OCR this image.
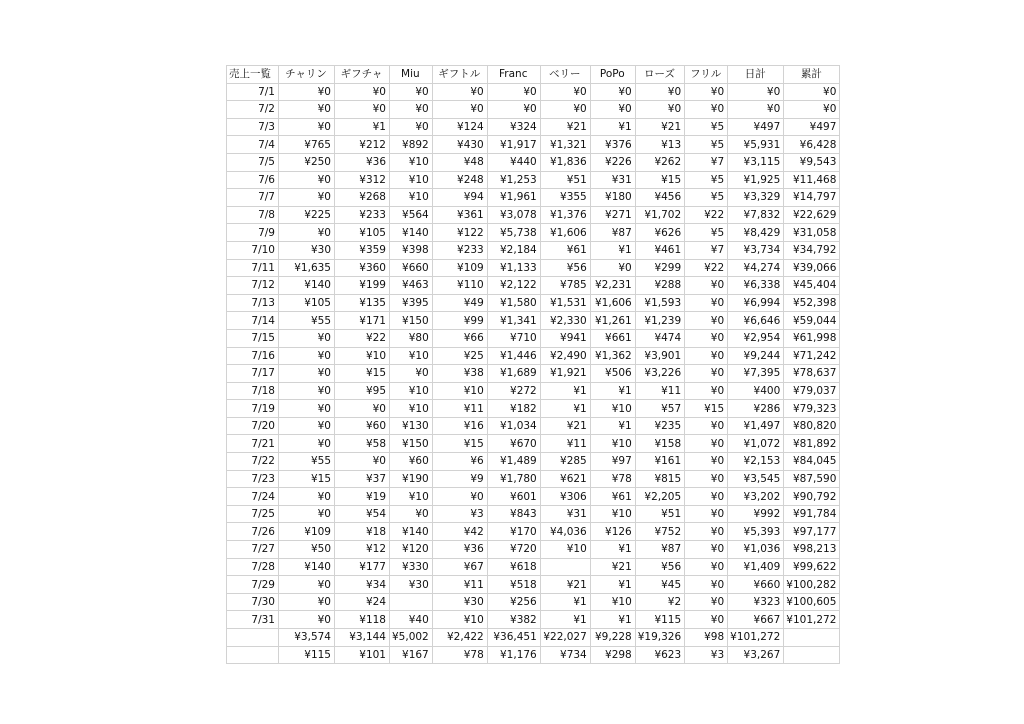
売上一覧	チャリン	ギフチャ	Miu	ギフトル	Franc	ベリー	PoPo	ローズ	フリル	日計	累計
7/1	¥0	¥0	¥0	¥0	¥0	¥0	¥0	¥0	¥0	¥0	¥0
7/2	¥0	¥0	¥0	¥0	¥0	¥0	¥0	¥0	¥0	¥0	¥0
7/3	¥0	¥1	¥0	¥124	¥324	¥21	¥1	¥21	¥5	¥497	¥497
7/4	¥765	¥212	¥892	¥430	¥1,917	¥1,321	¥376	¥13	¥5	¥5,931	¥6,428
7/5	¥250	¥36	¥10	¥48	¥440	¥1,836	¥226	¥262	¥7	¥3,115	¥9,543
7/6	¥0	¥312	¥10	¥248	¥1,253	¥51	¥31	¥15	¥5	¥1,925	¥11,468
7/7	¥0	¥268	¥10	¥94	¥1,961	¥355	¥180	¥456	¥5	¥3,329	¥14,797
7/8	¥225	¥233	¥564	¥361	¥3,078	¥1,376	¥271	¥1,702	¥22	¥7,832	¥22,629
7/9	¥0	¥105	¥140	¥122	¥5,738	¥1,606	¥87	¥626	¥5	¥8,429	¥31,058
7/10	¥30	¥359	¥398	¥233	¥2,184	¥61	¥1	¥461	¥7	¥3,734	¥34,792
7/11	¥1,635	¥360	¥660	¥109	¥1,133	¥56	¥0	¥299	¥22	¥4,274	¥39,066
7/12	¥140	¥199	¥463	¥110	¥2,122	¥785	¥2,231	¥288	¥0	¥6,338	¥45,404
7/13	¥105	¥135	¥395	¥49	¥1,580	¥1,531	¥1,606	¥1,593	¥0	¥6,994	¥52,398
7/14	¥55	¥171	¥150	¥99	¥1,341	¥2,330	¥1,261	¥1,239	¥0	¥6,646	¥59,044
7/15	¥0	¥22	¥80	¥66	¥710	¥941	¥661	¥474	¥0	¥2,954	¥61,998
7/16	¥0	¥10	¥10	¥25	¥1,446	¥2,490	¥1,362	¥3,901	¥0	¥9,244	¥71,242
7/17	¥0	¥15	¥0	¥38	¥1,689	¥1,921	¥506	¥3,226	¥0	¥7,395	¥78,637
7/18	¥0	¥95	¥10	¥10	¥272	¥1	¥1	¥11	¥0	¥400	¥79,037
7/19	¥0	¥0	¥10	¥11	¥182	¥1	¥10	¥57	¥15	¥286	¥79,323
7/20	¥0	¥60	¥130	¥16	¥1,034	¥21	¥1	¥235	¥0	¥1,497	¥80,820
7/21	¥0	¥58	¥150	¥15	¥670	¥11	¥10	¥158	¥0	¥1,072	¥81,892
7/22	¥55	¥0	¥60	¥6	¥1,489	¥285	¥97	¥161	¥0	¥2,153	¥84,045
7/23	¥15	¥37	¥190	¥9	¥1,780	¥621	¥78	¥815	¥0	¥3,545	¥87,590
7/24	¥0	¥19	¥10	¥0	¥601	¥306	¥61	¥2,205	¥0	¥3,202	¥90,792
7/25	¥0	¥54	¥0	¥3	¥843	¥31	¥10	¥51	¥0	¥992	¥91,784
7/26	¥109	¥18	¥140	¥42	¥170	¥4,036	¥126	¥752	¥0	¥5,393	¥97,177
7/27	¥50	¥12	¥120	¥36	¥720	¥10	¥1	¥87	¥0	¥1,036	¥98,213
7/28	¥140	¥177	¥330	¥67	¥618		¥21	¥56	¥0	¥1,409	¥99,622
7/29	¥0	¥34	¥30	¥11	¥518	¥21	¥1	¥45	¥0	¥660	¥100,282
7/30	¥0	¥24		¥30	¥256	¥1	¥10	¥2	¥0	¥323	¥100,605
7/31	¥0	¥118	¥40	¥10	¥382	¥1	¥1	¥115	¥0	¥667	¥101,272
	¥3,574	¥3,144	¥5,002	¥2,422	¥36,451	¥22,027	¥9,228	¥19,326	¥98	¥101,272	
	¥115	¥101	¥167	¥78	¥1,176	¥734	¥298	¥623	¥3	¥3,267	
